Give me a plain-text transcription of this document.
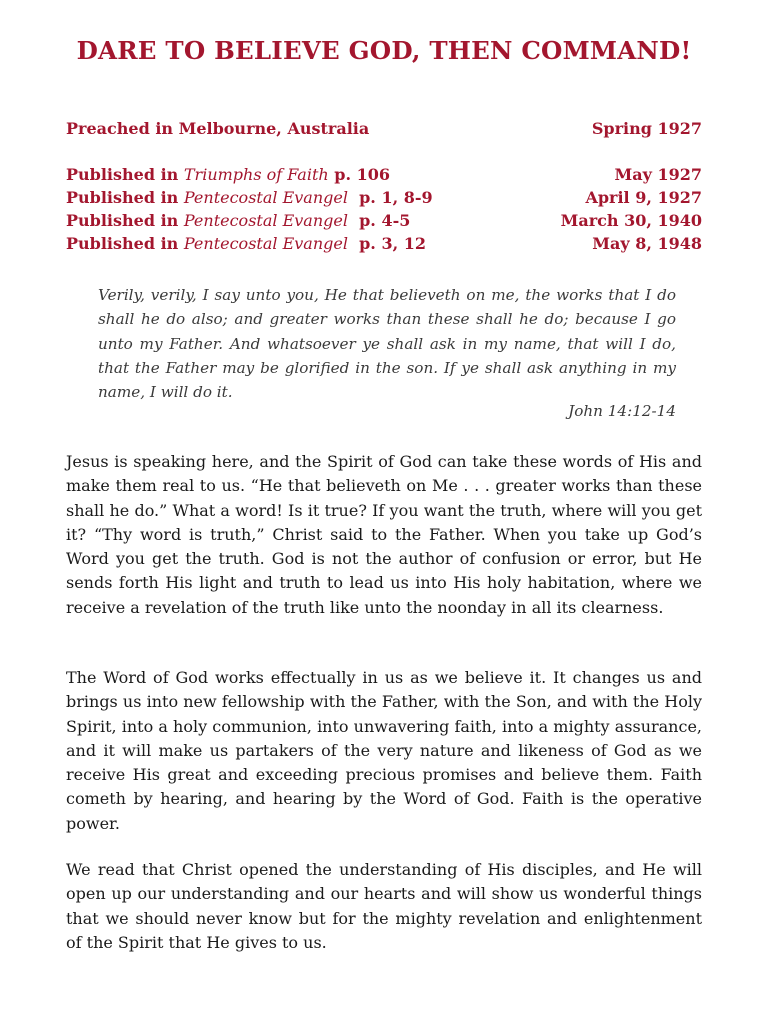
DARE TO BELIEVE GOD, THEN COMMAND!
Preached in Melbourne, Australia	Spring 1927
Published in Triumphs of Faith p. 106	May 1927
Published in Pentecostal Evangel  p. 1, 8-9	April 9, 1927
Published in Pentecostal Evangel  p. 4-5	March 30, 1940
Published in Pentecostal Evangel  p. 3, 12	May 8, 1948
Verily, verily, I say unto you, He that believeth on me, the works that I do shall he do also; and greater works than these shall he do; because I go unto my Father. And whatsoever ye shall ask in my name, that will I do, that the Father may be glorified in the son. If ye shall ask anything in my name, I will do it.
John 14:12-14

Jesus is speaking here, and the Spirit of God can take these words of His and make them real to us. “He that believeth on Me . . . greater works than these shall he do.” What a word! Is it true? If you want the truth, where will you get it? “Thy word is truth,” Christ said to the Father. When you take up God’s Word you get the truth. God is not the author of confusion or error, but He sends forth His light and truth to lead us into His holy habitation, where we receive a revelation of the truth like unto the noonday in all its clearness.

The Word of God works effectually in us as we believe it. It changes us and brings us into new fellowship with the Father, with the Son, and with the Holy Spirit, into a holy communion, into unwavering faith, into a mighty assurance, and it will make us partakers of the very nature and likeness of God as we receive His great and exceeding precious promises and believe them. Faith cometh by hearing, and hearing by the Word of God. Faith is the operative power.

We read that Christ opened the understanding of His disciples, and He will open up our understanding and our hearts and will show us wonderful things that we should never know but for the mighty revelation and enlightenment of the Spirit that He gives to us.
